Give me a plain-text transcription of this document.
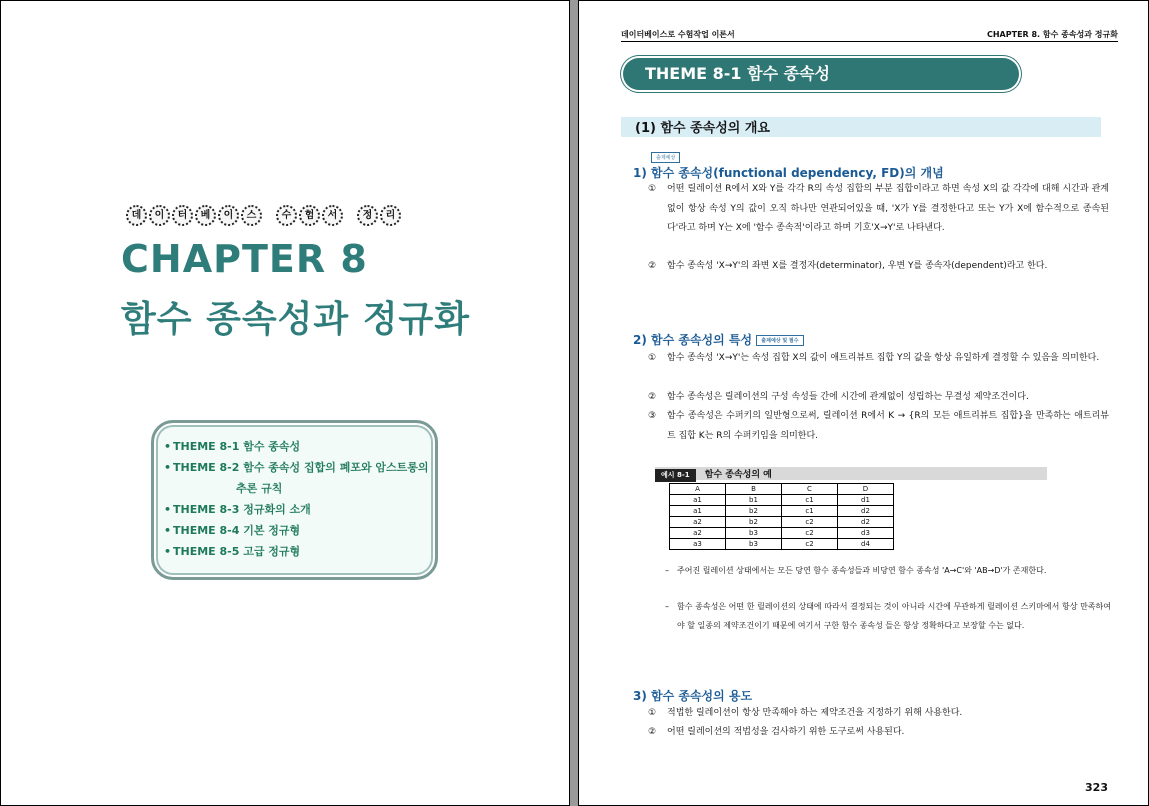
데	이	터	베	이	스	수	험	서	정	리
CHAPTER 8
함수 종속성과 정규화
• THEME 8-1 함수 종속성
• THEME 8-2 함수 종속성 집합의 폐포와 암스트롱의
추론 규칙
• THEME 8-3 정규화의 소개
• THEME 8-4 기본 정규형
• THEME 8-5 고급 정규형
데이터베이스로 수험작업 이론서	CHAPTER 8. 함수 종속성과 정규화
THEME 8-1 함수 종속성
(1) 함수 종속성의 개요
출제예상
1) 함수 종속성(functional dependency, FD)의 개념
①	어떤 릴레이션 R에서 X와 Y를 각각 R의 속성 집합의 부분 집합이라고 하면 속성 X의 값 각각에 대해 시간과 관계없이 항상 속성 Y의 값이 오직 하나만 연관되어있을 때, 'X가 Y를 결정한다고 또는 Y가 X에 함수적으로 종속된다'라고 하며 Y는 X에 '함수 종속적'이라고 하며 기호'X→Y'로 나타낸다.
②	함수 종속성 'X→Y'의 좌변 X를 결정자(determinator), 우변 Y를 종속자(dependent)라고 한다.
2) 함수 종속성의 특성 출제예상 및 필수
①	함수 종속성 'X→Y'는 속성 집합 X의 값이 애트리뷰트 집합 Y의 값을 항상 유일하게 결정할 수 있음을 의미한다.
②	함수 종속성은 릴레이션의 구성 속성들 간에 시간에 관계없이 성립하는 무결성 제약조건이다.
③	함수 종속성은 수퍼키의 일반형으로써, 릴레이션 R에서 K → {R의 모든 애트리뷰트 집합}을 만족하는 애트리뷰트 집합 K는 R의 수퍼키임을 의미한다.
예시 8-1 함수 종속성의 예
A	B	C	D
a1	b1	c1	d1
a1	b2	c1	d2
a2	b2	c2	d2
a2	b3	c2	d3
a3	b3	c2	d4
–	주어진 릴레이션 상태에서는 모든 당연 함수 종속성들과 비당연 함수 종속성 'A→C'와 'AB→D'가 존재한다.
–	함수 종속성은 어떤 한 릴레이션의 상태에 따라서 결정되는 것이 아니라 시간에 무관하게 릴레이션 스키마에서 항상 만족하여야 할 일종의 제약조건이기 때문에 여기서 구한 함수 종속성 들은 항상 정확하다고 보장할 수는 없다.
3) 함수 종속성의 용도
①	적법한 릴레이션이 항상 만족해야 하는 제약조건을 지정하기 위해 사용한다.
②	어떤 릴레이션의 적법성을 검사하기 위한 도구로써 사용된다.
323
